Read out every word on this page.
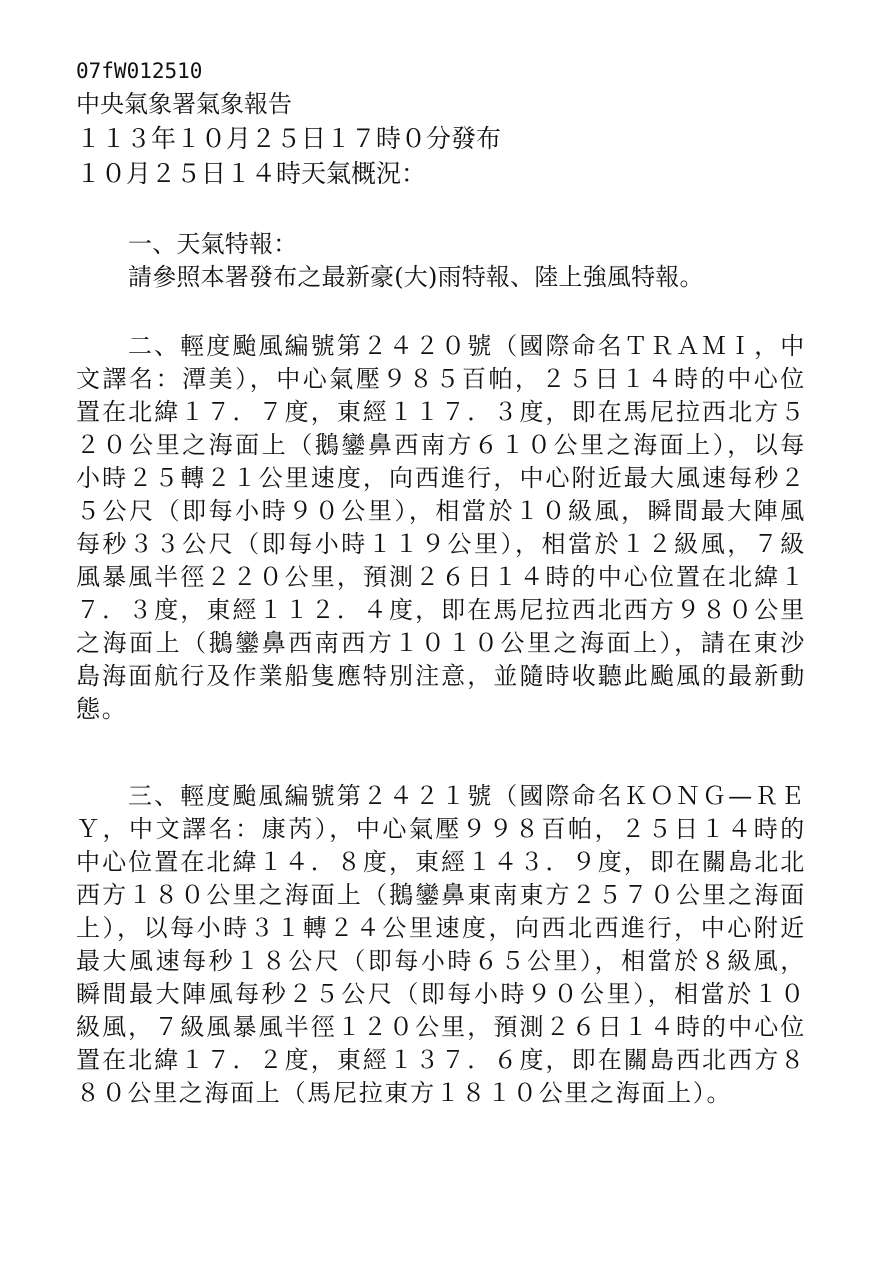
07fW012510
中央氣象署氣象報告
１１３年１０月２５日１７時０分發布
１０月２５日１４時天氣概況：
一、天氣特報：
請參照本署發布之最新豪(大)雨特報、陸上強風特報。
二、輕度颱風編號第２４２０號（國際命名ＴＲＡＭＩ，中文譯名：潭美），中心氣壓９８５百帕，２５日１４時的中心位置在北緯１７．７度，東經１１７．３度，即在馬尼拉西北方５２０公里之海面上（鵝鑾鼻西南方６１０公里之海面上），以每小時２５轉２１公里速度，向西進行，中心附近最大風速每秒２５公尺（即每小時９０公里），相當於１０級風，瞬間最大陣風每秒３３公尺（即每小時１１９公里），相當於１２級風，７級風暴風半徑２２０公里，預測２６日１４時的中心位置在北緯１７．３度，東經１１２．４度，即在馬尼拉西北西方９８０公里之海面上（鵝鑾鼻西南西方１０１０公里之海面上），請在東沙島海面航行及作業船隻應特別注意，並隨時收聽此颱風的最新動態。
三、輕度颱風編號第２４２１號（國際命名ＫＯＮＧ—ＲＥＹ，中文譯名：康芮），中心氣壓９９８百帕，２５日１４時的中心位置在北緯１４．８度，東經１４３．９度，即在關島北北西方１８０公里之海面上（鵝鑾鼻東南東方２５７０公里之海面上），以每小時３１轉２４公里速度，向西北西進行，中心附近最大風速每秒１８公尺（即每小時６５公里），相當於８級風，瞬間最大陣風每秒２５公尺（即每小時９０公里），相當於１０級風，７級風暴風半徑１２０公里，預測２６日１４時的中心位置在北緯１７．２度，東經１３７．６度，即在關島西北西方８８０公里之海面上（馬尼拉東方１８１０公里之海面上）。
